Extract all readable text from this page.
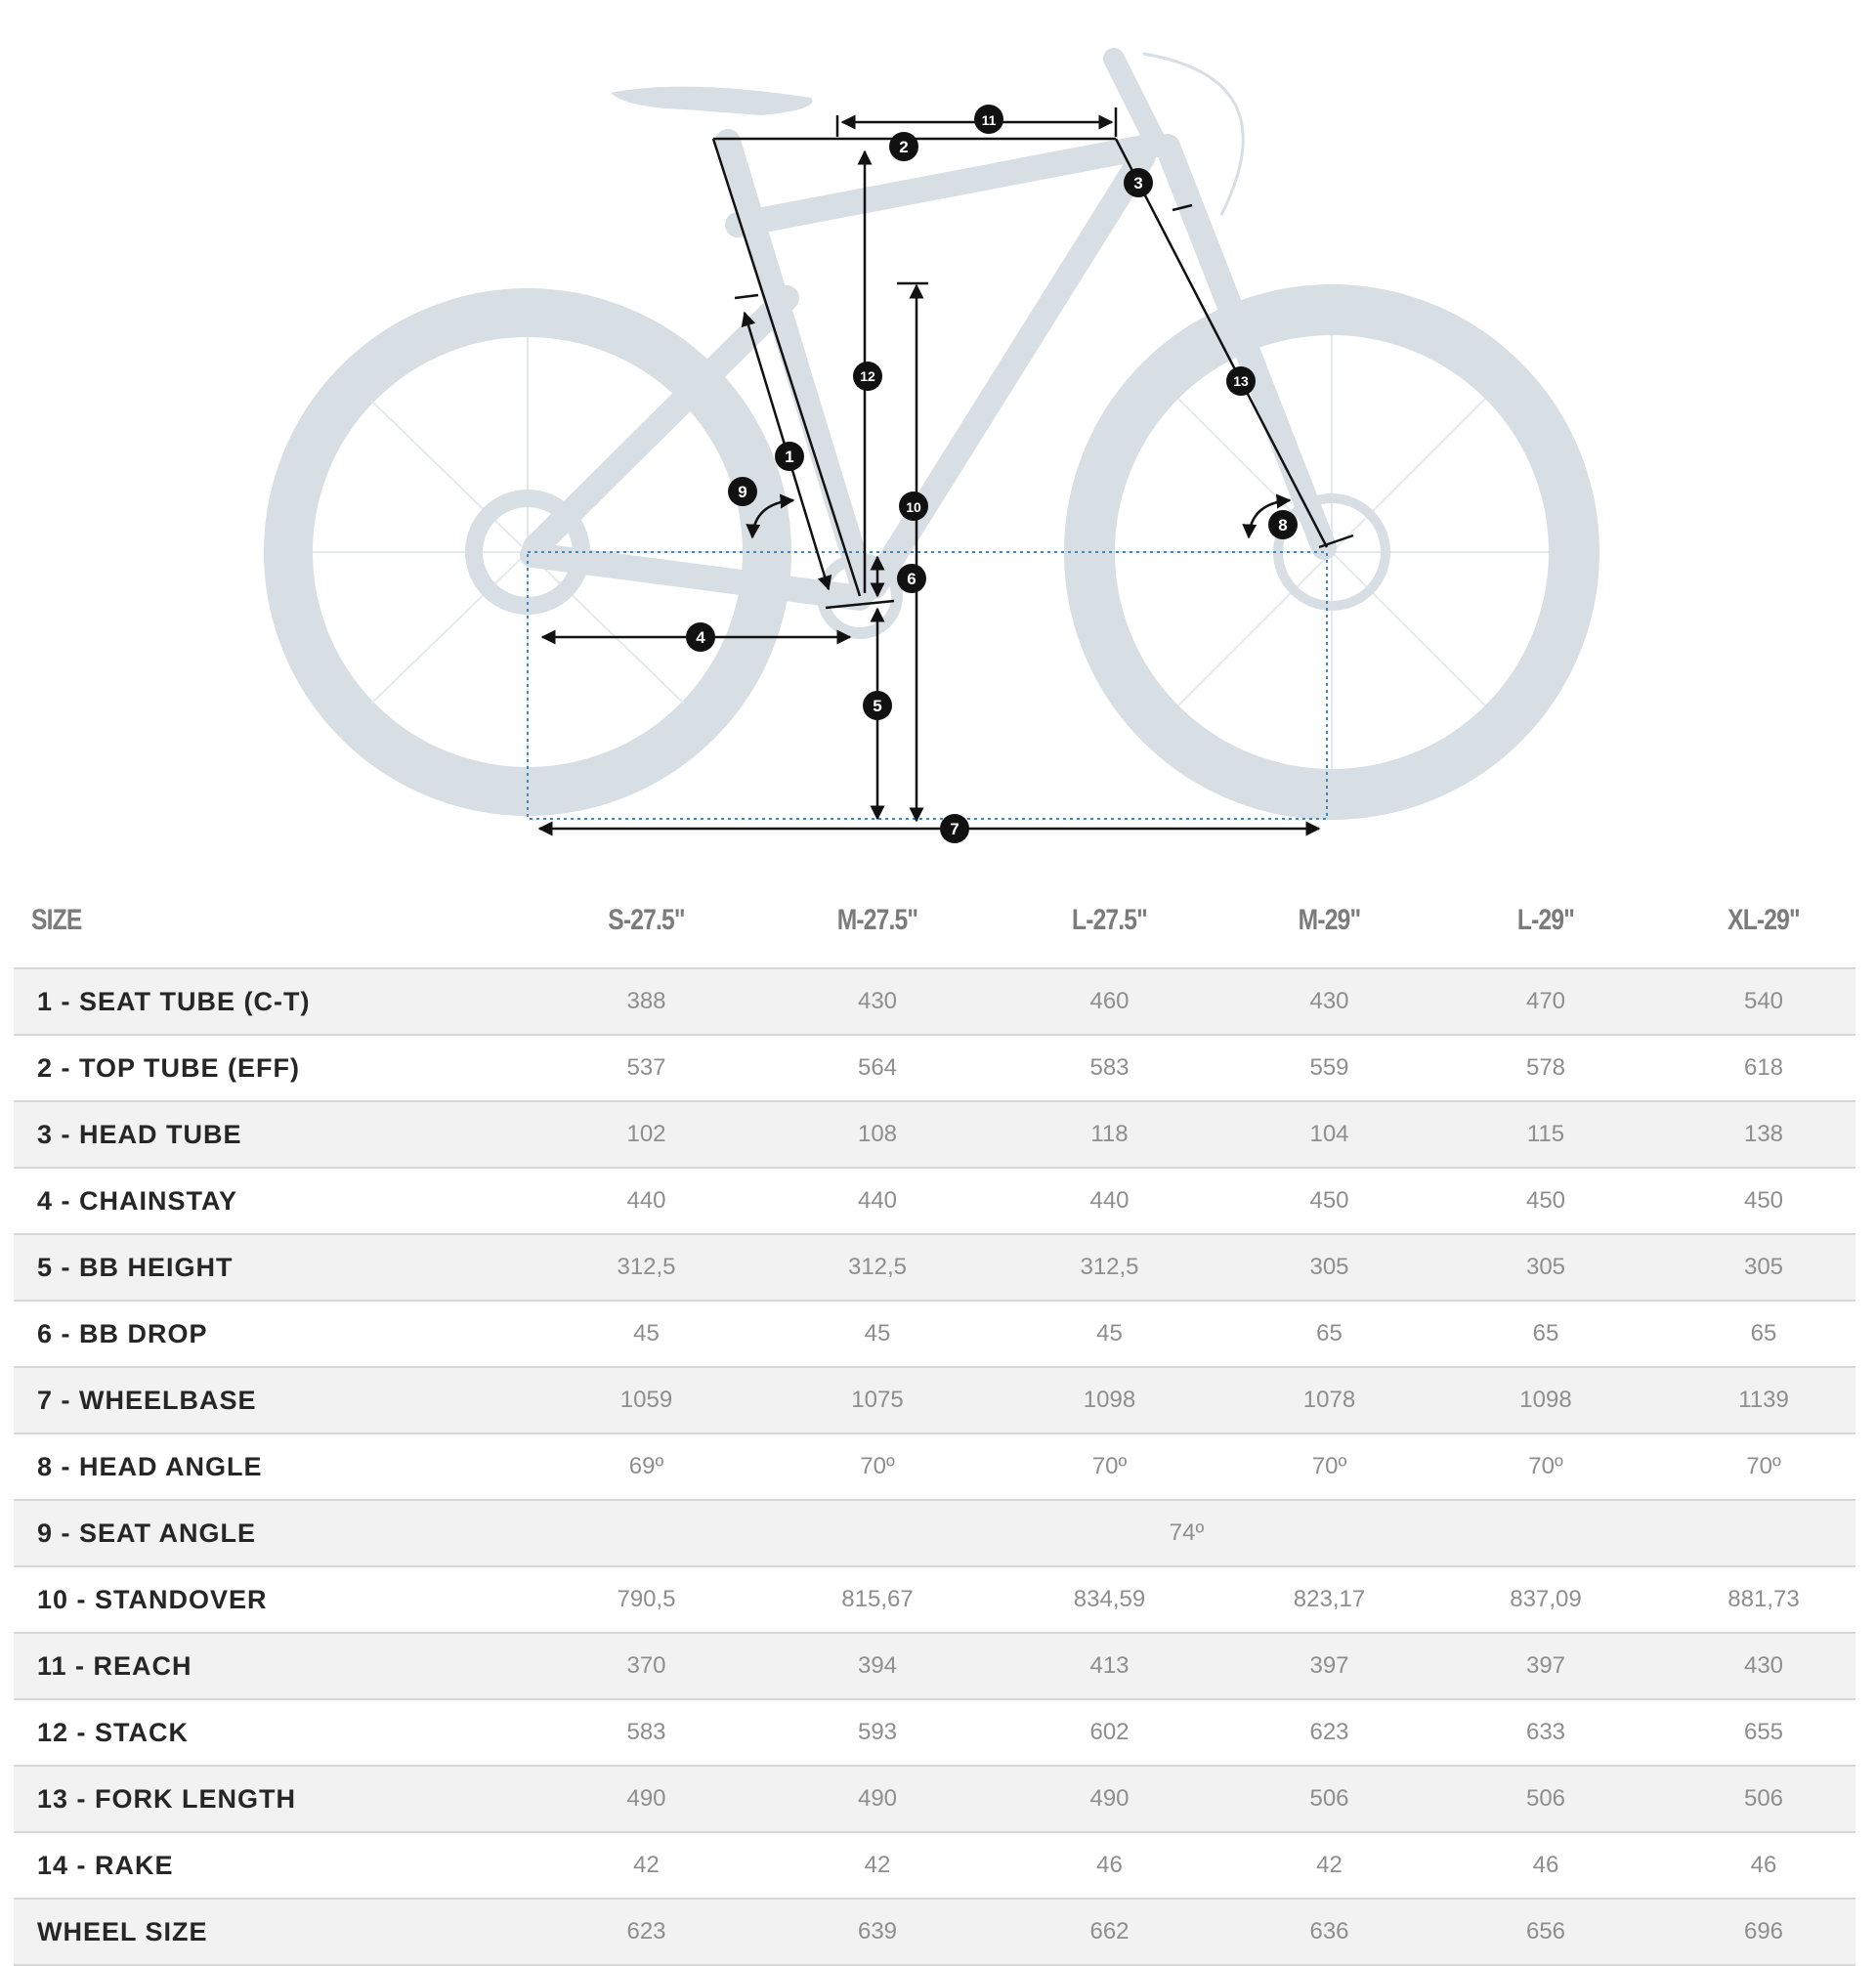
1
2
3
4
5
6
7
8
9
10
11
12	13
SIZE	S-27.5"	M-27.5"	L-27.5"	M-29"	L-29"	XL-29"
1 - SEAT TUBE (C-T)	388	430	460	430	470	540
2 - TOP TUBE (EFF)	537	564	583	559	578	618
3 - HEAD TUBE	102	108	118	104	115	138
4 - CHAINSTAY	440	440	440	450	450	450
5 - BB HEIGHT	312,5	312,5	312,5	305	305	305
6 - BB DROP	45	45	45	65	65	65
7 - WHEELBASE	1059	1075	1098	1078	1098	1139
8 - HEAD ANGLE	69º	70º	70º	70º	70º	70º
9 - SEAT ANGLE	74º					
10 - STANDOVER	790,5	815,67	834,59	823,17	837,09	881,73
11 - REACH	370	394	413	397	397	430
12 - STACK	583	593	602	623	633	655
13 - FORK LENGTH	490	490	490	506	506	506
14 - RAKE	42	42	46	42	46	46
WHEEL SIZE	623	639	662	636	656	696
